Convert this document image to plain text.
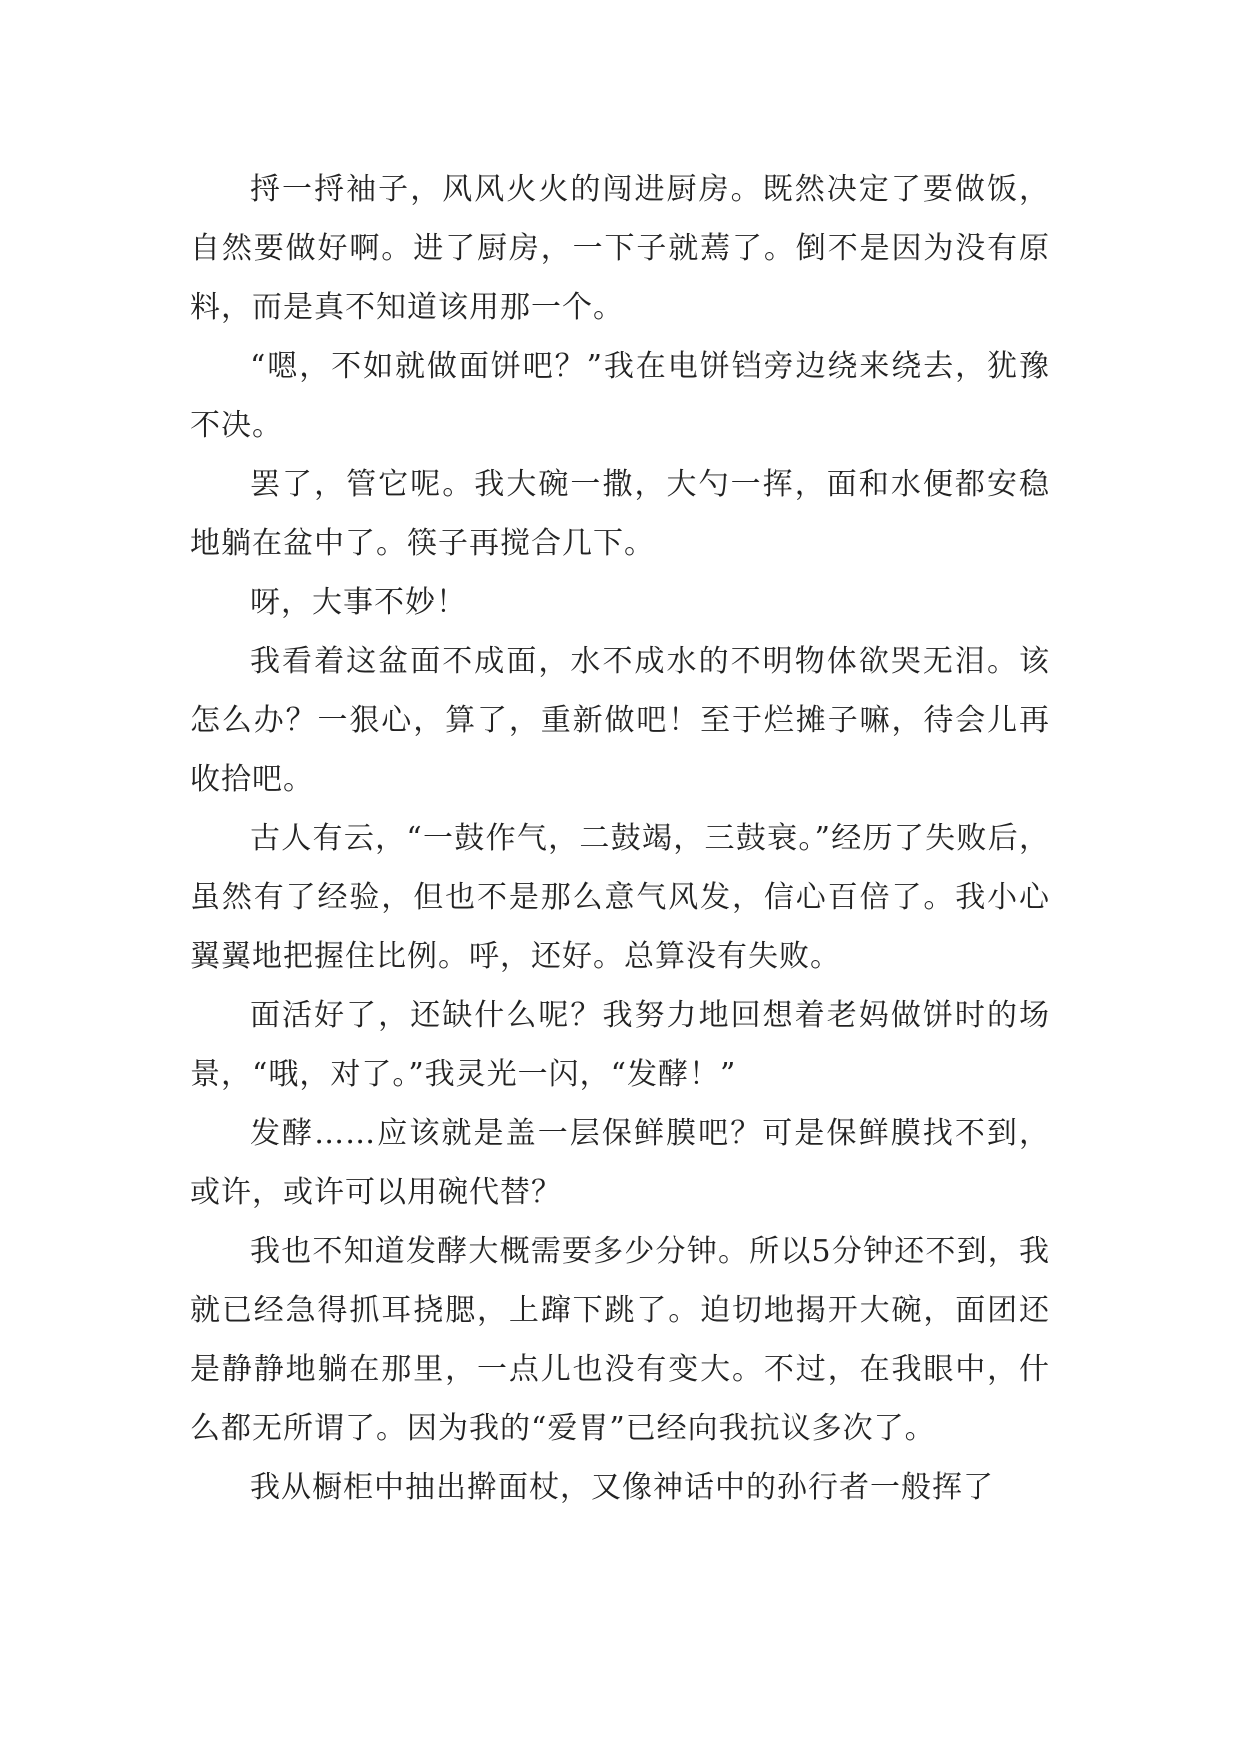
捋一捋袖子，风风火火的闯进厨房。既然决定了要做饭，自然要做好啊。进了厨房，一下子就蔫了。倒不是因为没有原料，而是真不知道该用那一个。

“嗯，不如就做面饼吧？”我在电饼铛旁边绕来绕去，犹豫不决。

罢了，管它呢。我大碗一撒，大勺一挥，面和水便都安稳地躺在盆中了。筷子再搅合几下。

呀，大事不妙！

我看着这盆面不成面，水不成水的不明物体欲哭无泪。该怎么办？一狠心，算了，重新做吧！至于烂摊子嘛，待会儿再收拾吧。

古人有云，“一鼓作气，二鼓竭，三鼓衰。”经历了失败后，虽然有了经验，但也不是那么意气风发，信心百倍了。我小心翼翼地把握住比例。呼，还好。总算没有失败。

面活好了，还缺什么呢？我努力地回想着老妈做饼时的场景，“哦，对了。”我灵光一闪，“发酵！”

发酵……应该就是盖一层保鲜膜吧？可是保鲜膜找不到，或许，或许可以用碗代替？

我也不知道发酵大概需要多少分钟。所以5分钟还不到，我就已经急得抓耳挠腮，上蹿下跳了。迫切地揭开大碗，面团还是静静地躺在那里，一点儿也没有变大。不过，在我眼中，什么都无所谓了。因为我的“爱胃”已经向我抗议多次了。

我从橱柜中抽出擀面杖，又像神话中的孙行者一般挥了
